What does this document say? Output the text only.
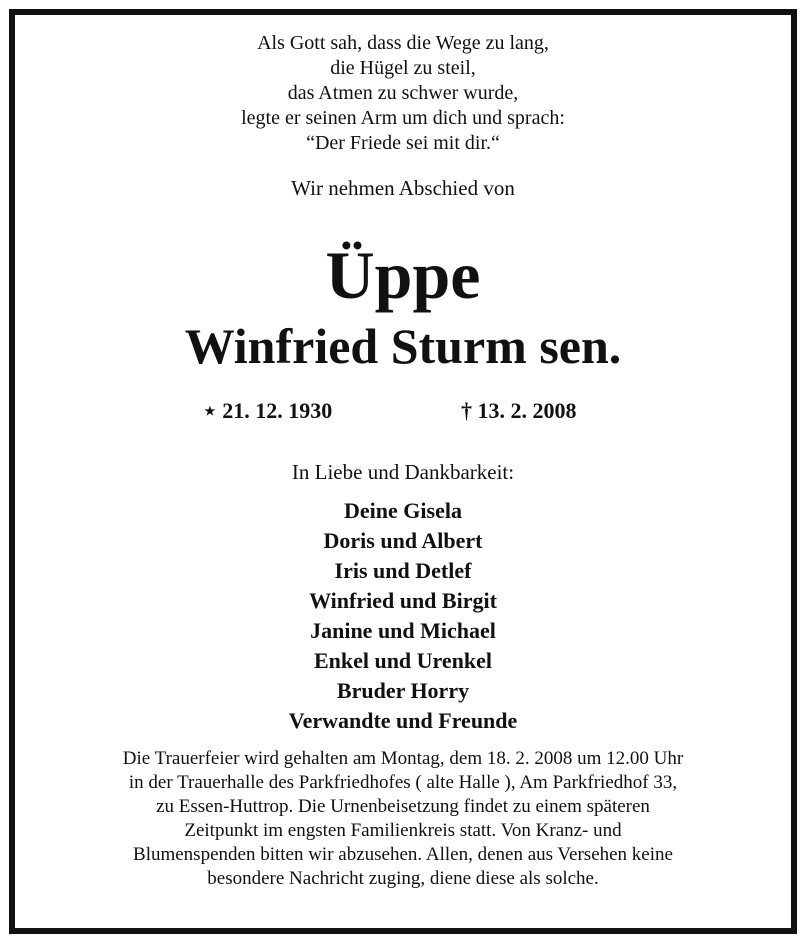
Als Gott sah, dass die Wege zu lang,
die Hügel zu steil,
das Atmen zu schwer wurde,
legte er seinen Arm um dich und sprach:
“Der Friede sei mit dir.“
Wir nehmen Abschied von
Üppe
Winfried Sturm sen.
⋆ 21. 12. 1930	† 13. 2. 2008
In Liebe und Dankbarkeit:
Deine Gisela
Doris und Albert
Iris und Detlef
Winfried und Birgit
Janine und Michael
Enkel und Urenkel
Bruder Horry
Verwandte und Freunde
Die Trauerfeier wird gehalten am Montag, dem 18. 2. 2008 um 12.00 Uhr
in der Trauerhalle des Parkfriedhofes ( alte Halle ), Am Parkfriedhof 33,
zu Essen-Huttrop. Die Urnenbeisetzung findet zu einem späteren
Zeitpunkt im engsten Familienkreis statt. Von Kranz- und
Blumenspenden bitten wir abzusehen. Allen, denen aus Versehen keine
besondere Nachricht zuging, diene diese als solche.
